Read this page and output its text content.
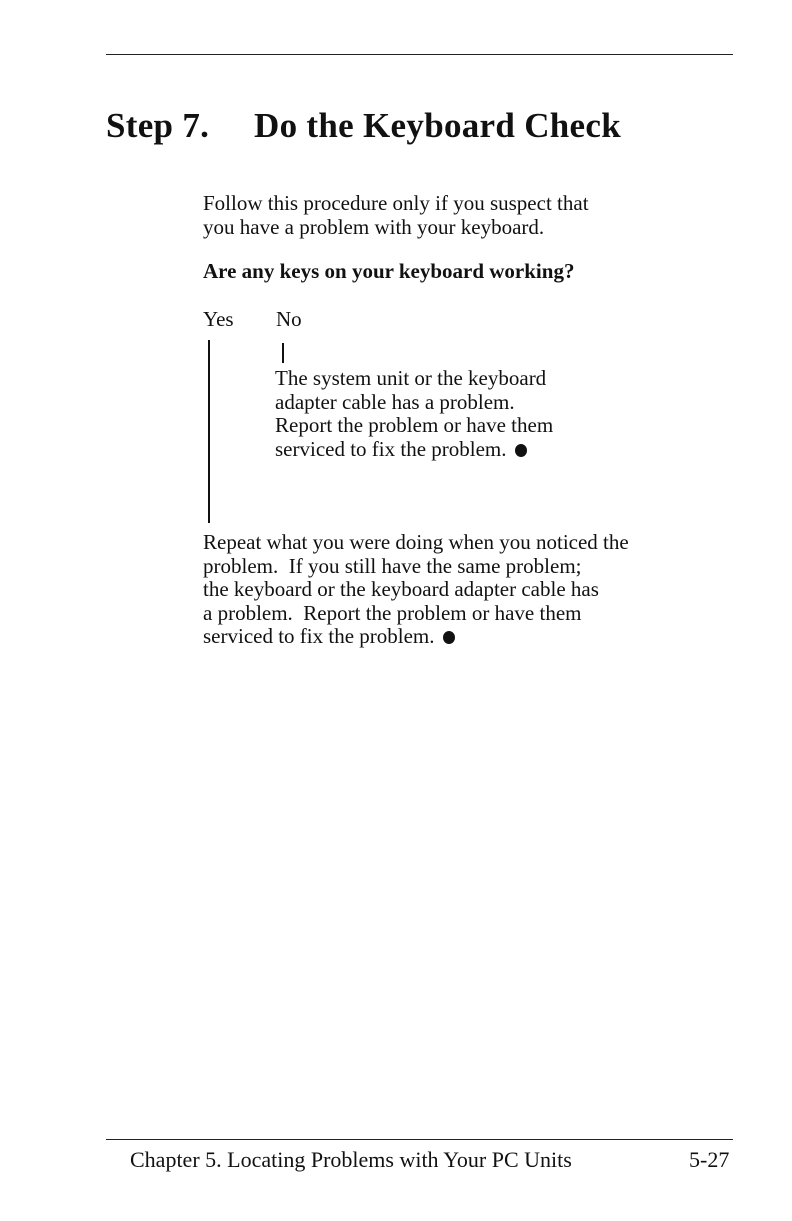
Step 7. Do the Keyboard Check
Follow this procedure only if you suspect that
you have a problem with your keyboard.
Are any keys on your keyboard working?
Yes No
The system unit or the keyboard
adapter cable has a problem.
Report the problem or have them
serviced to fix the problem.
Repeat what you were doing when you noticed the
problem.  If you still have the same problem;
the keyboard or the keyboard adapter cable has
a problem.  Report the problem or have them
serviced to fix the problem.
Chapter 5. Locating Problems with Your PC Units	5-27
